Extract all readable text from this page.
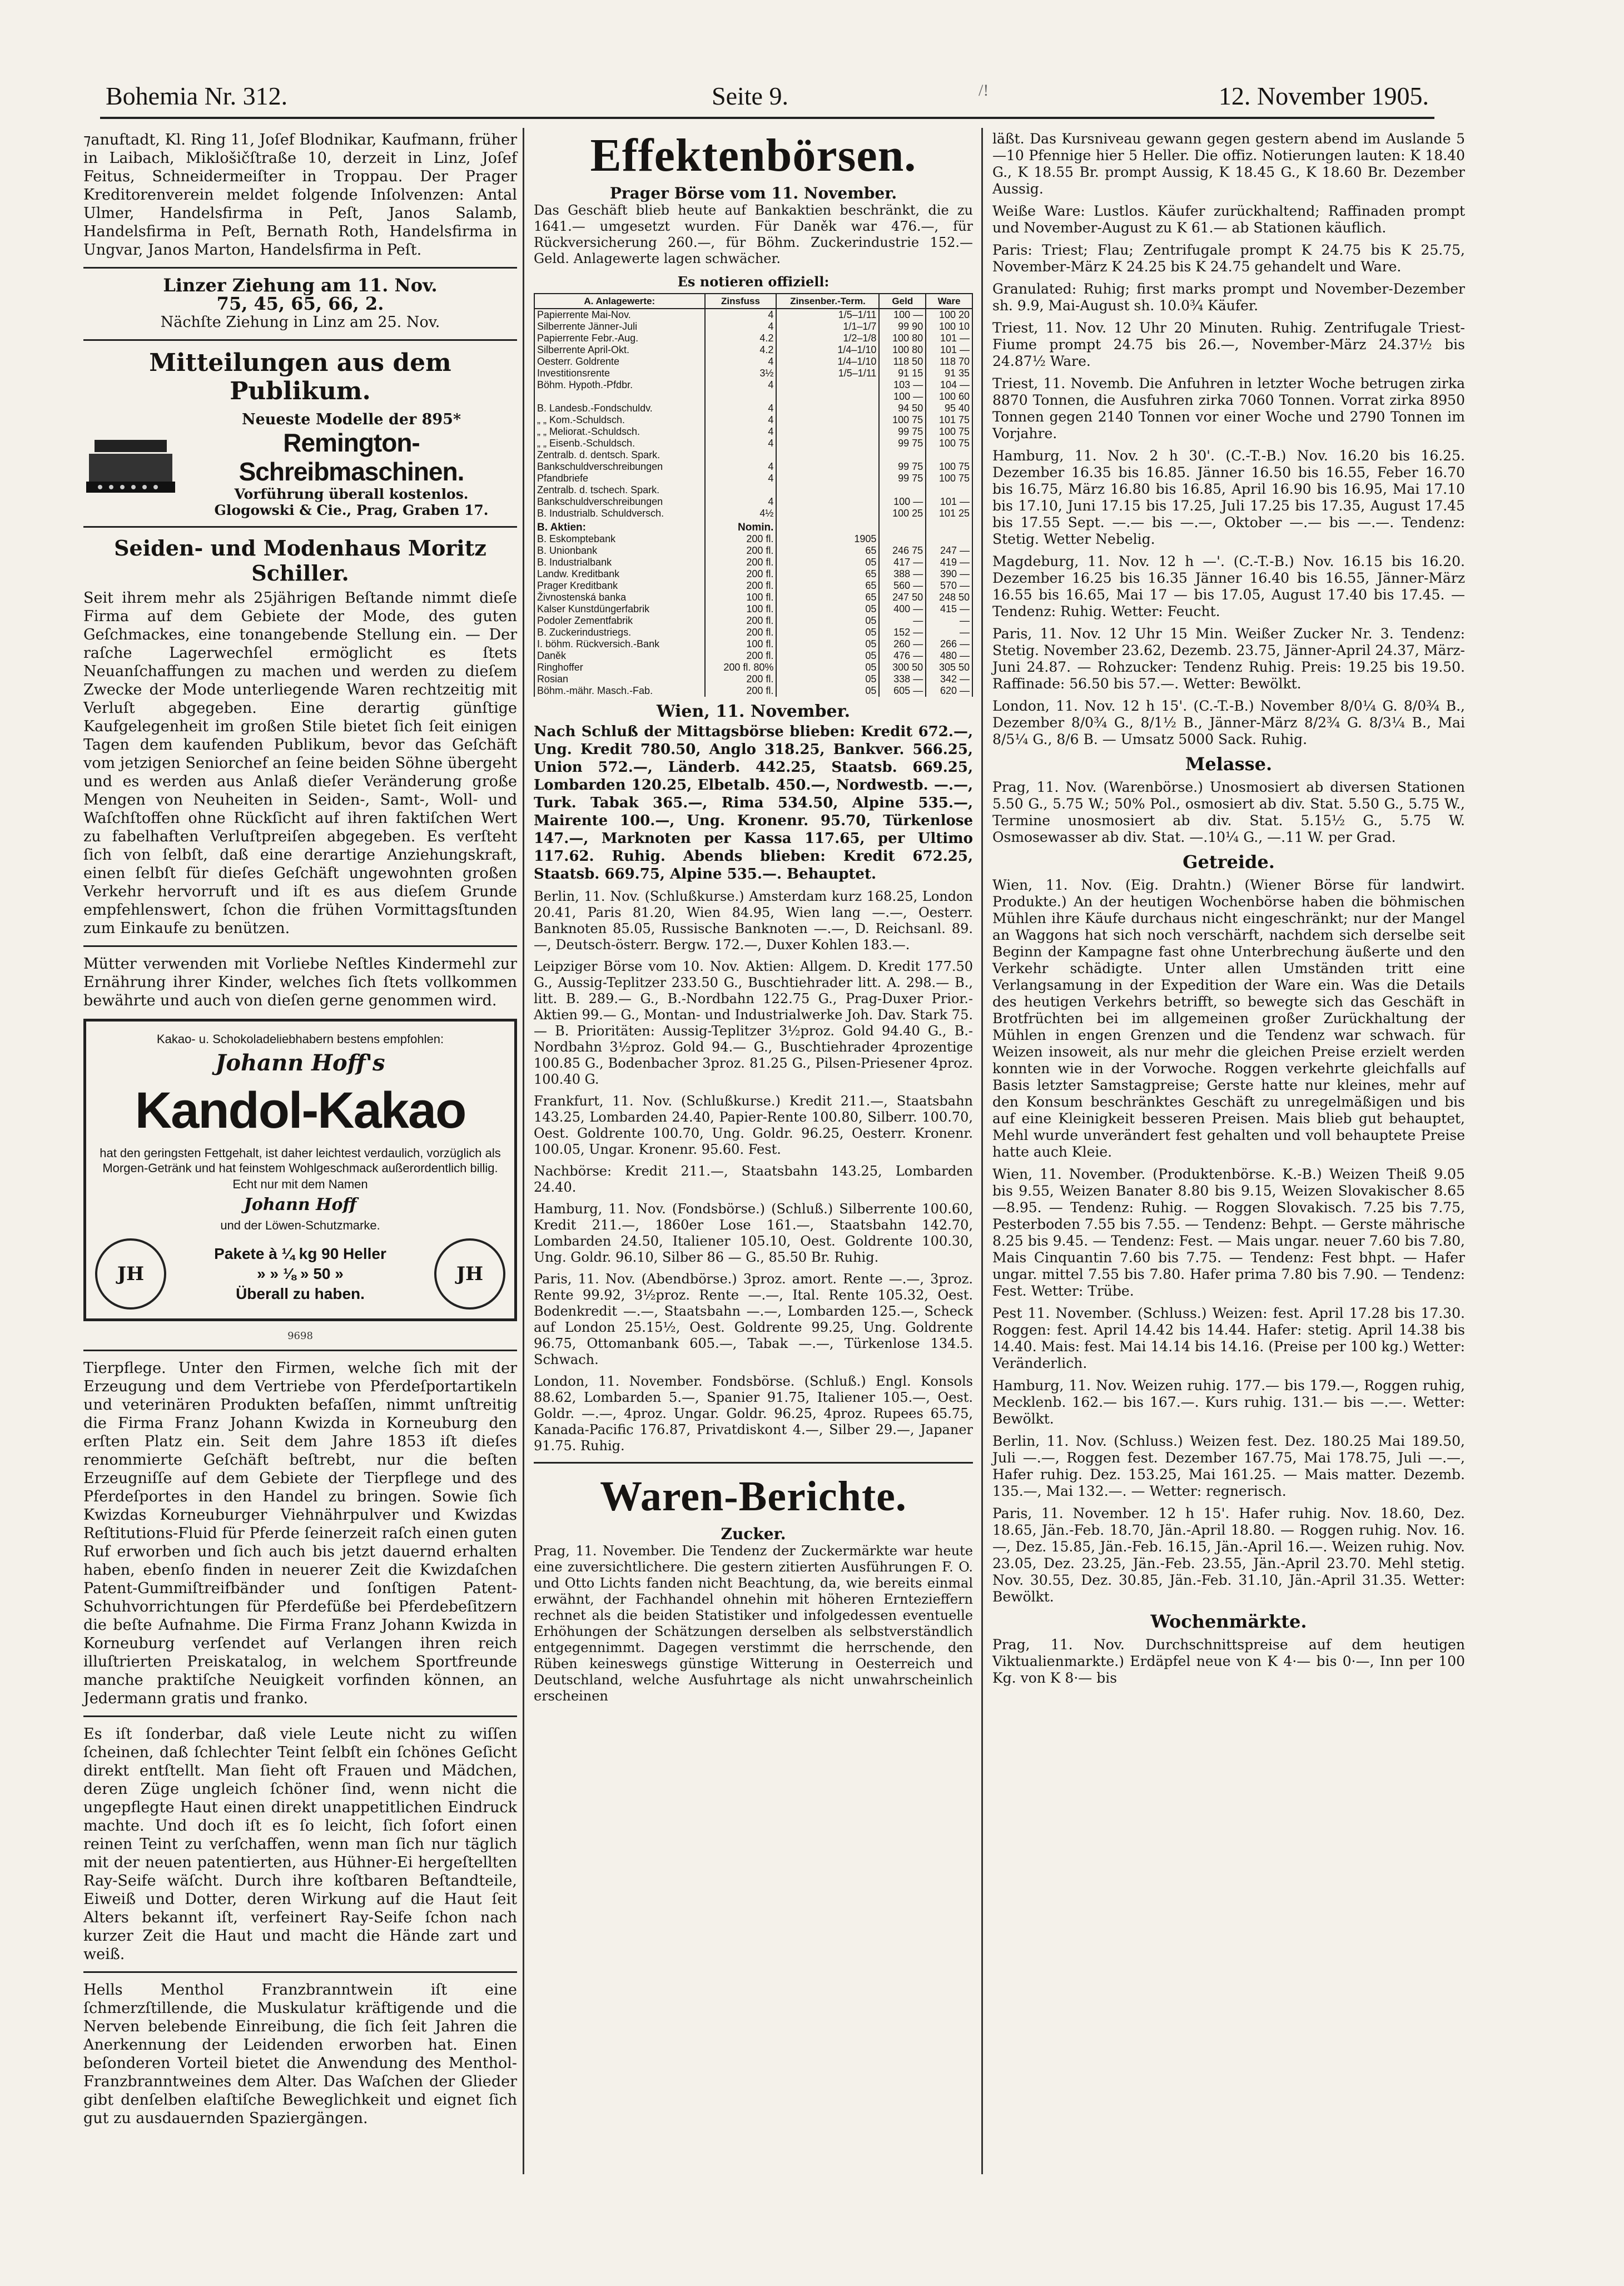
Bohemia Nr. 312.	Seite 9.	/!	12. November 1905.

⁊anuftadt, Kl. Ring 11, Joſef Blodnikar, Kaufmann, früher in Laibach, Miklošičſtraße 10, derzeit in Linz, Joſef Feitus, Schneidermeiſter in Troppau. Der Prager Kreditorenverein meldet folgende Inſolvenzen: Antal Ulmer, Handelsfirma in Peſt, Janos Salamb, Handelsfirma in Peſt, Bernath Roth, Handelsfirma in Ungvar, Janos Marton, Handelsfirma in Peſt.

Linzer Ziehung am 11. Nov.

75, 45, 65, 66, 2.

Nächſte Ziehung in Linz am 25. Nov.

Mitteilungen aus dem Publikum.
Neueste Modelle der 895*
Remington-Schreibmaschinen.
Vorführung überall kostenlos.
Glogowski & Cie., Prag, Graben 17.
Seiden- und Modenhaus Moritz Schiller.

Seit ihrem mehr als 25jährigen Beſtande nimmt dieſe Firma auf dem Gebiete der Mode, des guten Geſchmackes, eine tonangebende Stellung ein. — Der raſche Lagerwechſel ermöglicht es ſtets Neuanſchaffungen zu machen und werden zu dieſem Zwecke der Mode unterliegende Waren rechtzeitig mit Verluſt abgegeben. Eine derartig günſtige Kaufgelegenheit im großen Stile bietet ſich ſeit einigen Tagen dem kaufenden Publikum, bevor das Geſchäft vom jetzigen Seniorchef an ſeine beiden Söhne übergeht und es werden aus Anlaß dieſer Veränderung große Mengen von Neuheiten in Seiden-, Samt-, Woll- und Waſchſtoffen ohne Rückſicht auf ihren faktiſchen Wert zu fabelhaften Verluſtpreiſen abgegeben. Es verſteht ſich von ſelbſt, daß eine derartige Anziehungskraft, einen ſelbſt für dieſes Geſchäft ungewohnten großen Verkehr hervorruft und iſt es aus dieſem Grunde empfehlenswert, ſchon die frühen Vormittagsſtunden zum Einkaufe zu benützen.

Mütter verwenden mit Vorliebe Neſtles Kindermehl zur Ernährung ihrer Kinder, welches ſich ſtets vollkommen bewährte und auch von dieſen gerne genommen wird.

Kakao- u. Schokoladeliebhabern bestens empfohlen:
Johann Hoff's
Kandol-Kakao
hat den geringsten Fettgehalt, ist daher leichtest verdaulich, vorzüglich als Morgen-Getränk und hat feinstem Wohlgeschmack außerordentlich billig.
Echt nur mit dem Namen
Johann Hoff
und der Löwen-Schutzmarke.
JH
Pakete à ¼ kg 90 Heller
» » ⅛ » 50 »
Überall zu haben.
JH
9698

Tierpflege. Unter den Firmen, welche ſich mit der Erzeugung und dem Vertriebe von Pferdeſportartikeln und veterinären Produkten befaſſen, nimmt unſtreitig die Firma Franz Johann Kwizda in Korneuburg den erſten Platz ein. Seit dem Jahre 1853 iſt dieſes renommierte Geſchäft beſtrebt, nur die beſten Erzeugniſſe auf dem Gebiete der Tierpflege und des Pferdeſportes in den Handel zu bringen. Sowie ſich Kwizdas Korneuburger Viehnährpulver und Kwizdas Reſtitutions-Fluid für Pferde ſeinerzeit raſch einen guten Ruf erworben und ſich auch bis jetzt dauernd erhalten haben, ebenſo finden in neuerer Zeit die Kwizdaſchen Patent-Gummiſtreifbänder und ſonſtigen Patent-Schuhvorrichtungen für Pferdefüße bei Pferdebeſitzern die beſte Aufnahme. Die Firma Franz Johann Kwizda in Korneuburg verſendet auf Verlangen ihren reich illuſtrierten Preiskatalog, in welchem Sportfreunde manche praktiſche Neuigkeit vorfinden können, an Jedermann gratis und franko.

Es iſt ſonderbar, daß viele Leute nicht zu wiſſen ſcheinen, daß ſchlechter Teint ſelbſt ein ſchönes Geſicht direkt entſtellt. Man ſieht oft Frauen und Mädchen, deren Züge ungleich ſchöner ſind, wenn nicht die ungepflegte Haut einen direkt unappetitlichen Eindruck machte. Und doch iſt es ſo leicht, ſich ſofort einen reinen Teint zu verſchaffen, wenn man ſich nur täglich mit der neuen patentierten, aus Hühner-Ei hergeſtellten Ray-Seife wäſcht. Durch ihre koſtbaren Beſtandteile, Eiweiß und Dotter, deren Wirkung auf die Haut ſeit Alters bekannt iſt, verfeinert Ray-Seife ſchon nach kurzer Zeit die Haut und macht die Hände zart und weiß.

Hells Menthol Franzbranntwein iſt eine ſchmerzſtillende, die Muskulatur kräftigende und die Nerven belebende Einreibung, die ſich ſeit Jahren die Anerkennung der Leidenden erworben hat. Einen beſonderen Vorteil bietet die Anwendung des Menthol-Franzbranntweines dem Alter. Das Waſchen der Glieder gibt denſelben elaſtiſche Beweglichkeit und eignet ſich gut zu ausdauernden Spaziergängen.

Effektenbörsen.

Prager Börse vom 11. November.

Das Geschäft blieb heute auf Bankaktien beschränkt, die zu 1641.— umgesetzt wurden. Für Daněk war 476.—, für Rückversicherung 260.—, für Böhm. Zuckerindustrie 152.— Geld. Anlagewerte lagen schwächer.

Es notieren offiziell:

A. Anlagewerte:	Zinsfuss	Zinsenber.-Term.	Geld	Ware
Papierrente Mai-Nov.	4	1/5–1/11	100 —	100 20
Silberrente Jänner-Juli	4	1/1–1/7	99 90	100 10
Papierrente Febr.-Aug.	4.2	1/2–1/8	100 80	101 —
Silberrente April-Okt.	4.2	1/4–1/10	100 80	101 —
Oesterr. Goldrente	4	1/4–1/10	118 50	118 70
Investitionsrente	3½	1/5–1/11	91 15	91 35
Böhm. Hypoth.-Pfdbr.	4		103 —	104 —
			100 —	100 60
B. Landesb.-Fondschuldv.	4		94 50	95 40
„ „ Kom.-Schuldsch.	4		100 75	101 75
„ „ Meliorat.-Schuldsch.	4		99 75	100 75
„ „ Eisenb.-Schuldsch.	4		99 75	100 75
Zentralb. d. dentsch. Spark.				
Bankschuldverschreibungen	4		99 75	100 75
Pfandbriefe	4		99 75	100 75
Zentralb. d. tschech. Spark.				
Bankschuldverschreibungen	4		100 —	101 —
B. Industrialb. Schuldversch.	4½		100 25	101 25
B. Aktien:	Nomin.			
B. Eskomptebank	200 fl.	1905		
B. Unionbank	200 fl.	65	246 75	247 —
B. Industrialbank	200 fl.	05	417 —	419 —
Landw. Kreditbank	200 fl.	65	388 —	390 —
Prager Kreditbank	200 fl.	65	560 —	570 —
Živnostenská banka	100 fl.	65	247 50	248 50
Kalser Kunstdüngerfabrik	100 fl.	05	400 —	415 —
Podoler Zementfabrik	200 fl.	05	—	—
B. Zuckerindustriegs.	200 fl.	05	152 —	—
I. böhm. Rückversich.-Bank	100 fl.	05	260 —	266 —
Daněk	200 fl.	05	476 —	480 —
Ringhoffer	200 fl. 80%	05	300 50	305 50
Rosian	200 fl.	05	338 —	342 —
Böhm.-mähr. Masch.-Fab.	200 fl.	05	605 —	620 —

Wien, 11. November.

Nach Schluß der Mittagsbörse blieben: Kredit 672.—, Ung. Kredit 780.50, Anglo 318.25, Bankver. 566.25, Union 572.—, Länderb. 442.25, Staatsb. 669.25, Lombarden 120.25, Elbetalb. 450.—, Nordwestb. —.—, Turk. Tabak 365.—, Rima 534.50, Alpine 535.—, Mairente 100.—, Ung. Kronenr. 95.70, Türkenlose 147.—, Marknoten per Kassa 117.65, per Ultimo 117.62. Ruhig. Abends blieben: Kredit 672.25, Staatsb. 669.75, Alpine 535.—. Behauptet.

Berlin, 11. Nov. (Schlußkurse.) Amsterdam kurz 168.25, London 20.41, Paris 81.20, Wien 84.95, Wien lang —.—, Oesterr. Banknoten 85.05, Russische Banknoten —.—, D. Reichsanl. 89.—, Deutsch-österr. Bergw. 172.—, Duxer Kohlen 183.—.

Leipziger Börse vom 10. Nov. Aktien: Allgem. D. Kredit 177.50 G., Aussig-Teplitzer 233.50 G., Buschtiehrader litt. A. 298.— B., litt. B. 289.— G., B.-Nordbahn 122.75 G., Prag-Duxer Prior.-Aktien 99.— G., Montan- und Industrialwerke Joh. Dav. Stark 75.— B. Prioritäten: Aussig-Teplitzer 3½proz. Gold 94.40 G., B.-Nordbahn 3½proz. Gold 94.— G., Buschtiehrader 4prozentige 100.85 G., Bodenbacher 3proz. 81.25 G., Pilsen-Priesener 4proz. 100.40 G.

Frankfurt, 11. Nov. (Schlußkurse.) Kredit 211.—, Staatsbahn 143.25, Lombarden 24.40, Papier-Rente 100.80, Silberr. 100.70, Oest. Goldrente 100.70, Ung. Goldr. 96.25, Oesterr. Kronenr. 100.05, Ungar. Kronenr. 95.60. Fest.

Nachbörse: Kredit 211.—, Staatsbahn 143.25, Lombarden 24.40.

Hamburg, 11. Nov. (Fondsbörse.) (Schluß.) Silberrente 100.60, Kredit 211.—, 1860er Lose 161.—, Staatsbahn 142.70, Lombarden 24.50, Italiener 105.10, Oest. Goldrente 100.30, Ung. Goldr. 96.10, Silber 86 — G., 85.50 Br. Ruhig.

Paris, 11. Nov. (Abendbörse.) 3proz. amort. Rente —.—, 3proz. Rente 99.92, 3½proz. Rente —.—, Ital. Rente 105.32, Oest. Bodenkredit —.—, Staatsbahn —.—, Lombarden 125.—, Scheck auf London 25.15½, Oest. Goldrente 99.25, Ung. Goldrente 96.75, Ottomanbank 605.—, Tabak —.—, Türkenlose 134.5. Schwach.

London, 11. November. Fondsbörse. (Schluß.) Engl. Konsols 88.62, Lombarden 5.—, Spanier 91.75, Italiener 105.—, Oest. Goldr. —.—, 4proz. Ungar. Goldr. 96.25, 4proz. Rupees 65.75, Kanada-Pacific 176.87, Privatdiskont 4.—, Silber 29.—, Japaner 91.75. Ruhig.

Waren-Berichte.

Zucker.

Prag, 11. November. Die Tendenz der Zuckermärkte war heute eine zuversichtlichere. Die gestern zitierten Ausführungen F. O. und Otto Lichts fanden nicht Beachtung, da, wie bereits einmal erwähnt, der Fachhandel ohnehin mit höheren Erntezieffern rechnet als die beiden Statistiker und infolgedessen eventuelle Erhöhungen der Schätzungen derselben als selbstverständlich entgegennimmt. Dagegen verstimmt die herrschende, den Rüben keineswegs günstige Witterung in Oesterreich und Deutschland, welche Ausfuhrtage als nicht unwahrscheinlich erscheinen

läßt. Das Kursniveau gewann gegen gestern abend im Auslande 5—10 Pfennige hier 5 Heller. Die offiz. Notierungen lauten: K 18.40 G., K 18.55 Br. prompt Aussig, K 18.45 G., K 18.60 Br. Dezember Aussig.

Weiße Ware: Lustlos. Käufer zurückhaltend; Raffinaden prompt und November-August zu K 61.— ab Stationen käuflich.

Paris: Triest; Flau; Zentrifugale prompt K 24.75 bis K 25.75, November-März K 24.25 bis K 24.75 gehandelt und Ware.

Granulated: Ruhig; first marks prompt und November-Dezember sh. 9.9, Mai-August sh. 10.0¾ Käufer.

Triest, 11. Nov. 12 Uhr 20 Minuten. Ruhig. Zentrifugale Triest-Fiume prompt 24.75 bis 26.—, November-März 24.37½ bis 24.87½ Ware.

Triest, 11. Novemb. Die Anfuhren in letzter Woche betrugen zirka 8870 Tonnen, die Ausfuhren zirka 7060 Tonnen. Vorrat zirka 8950 Tonnen gegen 2140 Tonnen vor einer Woche und 2790 Tonnen im Vorjahre.

Hamburg, 11. Nov. 2 h 30'. (C.-T.-B.) Nov. 16.20 bis 16.25. Dezember 16.35 bis 16.85. Jänner 16.50 bis 16.55, Feber 16.70 bis 16.75, März 16.80 bis 16.85, April 16.90 bis 16.95, Mai 17.10 bis 17.10, Juni 17.15 bis 17.25, Juli 17.25 bis 17.35, August 17.45 bis 17.55 Sept. —.— bis —.—, Oktober —.— bis —.—. Tendenz: Stetig. Wetter Nebelig.

Magdeburg, 11. Nov. 12 h —'. (C.-T.-B.) Nov. 16.15 bis 16.20. Dezember 16.25 bis 16.35 Jänner 16.40 bis 16.55, Jänner-März 16.55 bis 16.65, Mai 17 — bis 17.05, August 17.40 bis 17.45. — Tendenz: Ruhig. Wetter: Feucht.

Paris, 11. Nov. 12 Uhr 15 Min. Weißer Zucker Nr. 3. Tendenz: Stetig. November 23.62, Dezemb. 23.75, Jänner-April 24.37, März-Juni 24.87. — Rohzucker: Tendenz Ruhig. Preis: 19.25 bis 19.50. Raffinade: 56.50 bis 57.—. Wetter: Bewölkt.

London, 11. Nov. 12 h 15'. (C.-T.-B.) November 8/0¼ G. 8/0¾ B., Dezember 8/0¾ G., 8/1½ B., Jänner-März 8/2¾ G. 8/3¼ B., Mai 8/5¼ G., 8/6 B. — Umsatz 5000 Sack. Ruhig.

Melasse.

Prag, 11. Nov. (Warenbörse.) Unosmosiert ab diversen Stationen 5.50 G., 5.75 W.; 50% Pol., osmosiert ab div. Stat. 5.50 G., 5.75 W., Termine unosmosiert ab div. Stat. 5.15½ G., 5.75 W. Osmosewasser ab div. Stat. —.10¼ G., —.11 W. per Grad.

Getreide.

Wien, 11. Nov. (Eig. Drahtn.) (Wiener Börse für landwirt. Produkte.) An der heutigen Wochenbörse haben die böhmischen Mühlen ihre Käufe durchaus nicht eingeschränkt; nur der Mangel an Waggons hat sich noch verschärft, nachdem sich derselbe seit Beginn der Kampagne fast ohne Unterbrechung äußerte und den Verkehr schädigte. Unter allen Umständen tritt eine Verlangsamung in der Expedition der Ware ein. Was die Details des heutigen Verkehrs betrifft, so bewegte sich das Geschäft in Brotfrüchten bei im allgemeinen großer Zurückhaltung der Mühlen in engen Grenzen und die Tendenz war schwach. für Weizen insoweit, als nur mehr die gleichen Preise erzielt werden konnten wie in der Vorwoche. Roggen verkehrte gleichfalls auf Basis letzter Samstagpreise; Gerste hatte nur kleines, mehr auf den Konsum beschränktes Geschäft zu unregelmäßigen und bis auf eine Kleinigkeit besseren Preisen. Mais blieb gut behauptet, Mehl wurde unverändert fest gehalten und voll behauptete Preise hatte auch Kleie.

Wien, 11. November. (Produktenbörse. K.-B.) Weizen Theiß 9.05 bis 9.55, Weizen Banater 8.80 bis 9.15, Weizen Slovakischer 8.65—8.95. — Tendenz: Ruhig. — Roggen Slovakisch. 7.25 bis 7.75, Pesterboden 7.55 bis 7.55. — Tendenz: Behpt. — Gerste mährische 8.25 bis 9.45. — Tendenz: Fest. — Mais ungar. neuer 7.60 bis 7.80, Mais Cinquantin 7.60 bis 7.75. — Tendenz: Fest bhpt. — Hafer ungar. mittel 7.55 bis 7.80. Hafer prima 7.80 bis 7.90. — Tendenz: Fest. Wetter: Trübe.

Pest 11. November. (Schluss.) Weizen: fest. April 17.28 bis 17.30. Roggen: fest. April 14.42 bis 14.44. Hafer: stetig. April 14.38 bis 14.40. Mais: fest. Mai 14.14 bis 14.16. (Preise per 100 kg.) Wetter: Veränderlich.

Hamburg, 11. Nov. Weizen ruhig. 177.— bis 179.—, Roggen ruhig, Mecklenb. 162.— bis 167.—. Kurs ruhig. 131.— bis —.—. Wetter: Bewölkt.

Berlin, 11. Nov. (Schluss.) Weizen fest. Dez. 180.25 Mai 189.50, Juli —.—, Roggen fest. Dezember 167.75, Mai 178.75, Juli —.—, Hafer ruhig. Dez. 153.25, Mai 161.25. — Mais matter. Dezemb. 135.—, Mai 132.—. — Wetter: regnerisch.

Paris, 11. November. 12 h 15'. Hafer ruhig. Nov. 18.60, Dez. 18.65, Jän.-Feb. 18.70, Jän.-April 18.80. — Roggen ruhig. Nov. 16.—, Dez. 15.85, Jän.-Feb. 16.15, Jän.-April 16.—. Weizen ruhig. Nov. 23.05, Dez. 23.25, Jän.-Feb. 23.55, Jän.-April 23.70. Mehl stetig. Nov. 30.55, Dez. 30.85, Jän.-Feb. 31.10, Jän.-April 31.35. Wetter: Bewölkt.

Wochenmärkte.

Prag, 11. Nov. Durchschnittspreise auf dem heutigen Viktualienmarkte.) Erdäpfel neue von K 4·— bis 0·—, Inn per 100 Kg. von K 8·— bis
